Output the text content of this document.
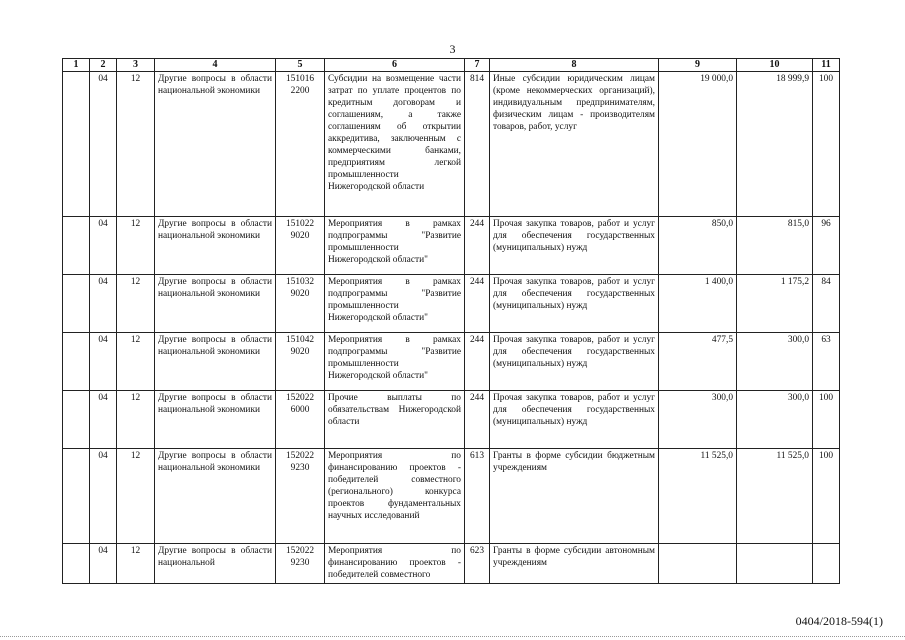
3
1	2	3	4	5	6	7	8	9	10	11
	04	12	Другие вопросы в области национальной экономики	151016 2200	Субсидии на возмещение части затрат по уплате процентов по кредитным договорам и соглашениям, а также соглашениям об открытии аккредитива, заключенным с коммерческими банками, предприятиям легкой промышленности Нижегородской области	814	Иные субсидии юридическим лицам (кроме некоммерческих организаций), индивидуальным предпринимателям, физическим лицам - производителям товаров, работ, услуг	19 000,0	18 999,9	100
	04	12	Другие вопросы в области национальной экономики	151022 9020	Мероприятия в рамках подпрограммы "Развитие промышленности Нижегородской области"	244	Прочая закупка товаров, работ и услуг для обеспечения государственных (муниципальных) нужд	850,0	815,0	96
	04	12	Другие вопросы в области национальной экономики	151032 9020	Мероприятия в рамках подпрограммы "Развитие промышленности Нижегородской области"	244	Прочая закупка товаров, работ и услуг для обеспечения государственных (муниципальных) нужд	1 400,0	1 175,2	84
	04	12	Другие вопросы в области национальной экономики	151042 9020	Мероприятия в рамках подпрограммы "Развитие промышленности Нижегородской области"	244	Прочая закупка товаров, работ и услуг для обеспечения государственных (муниципальных) нужд	477,5	300,0	63
	04	12	Другие вопросы в области национальной экономики	152022 6000	Прочие выплаты по обязательствам Нижегородской области	244	Прочая закупка товаров, работ и услуг для обеспечения государственных (муниципальных) нужд	300,0	300,0	100
	04	12	Другие вопросы в области национальной экономики	152022 9230	Мероприятия по финансированию проектов - победителей совместного (регионального) конкурса проектов фундаментальных научных исследований	613	Гранты в форме субсидии бюджетным учреждениям	11 525,0	11 525,0	100
	04	12	Другие вопросы в области национальной	152022 9230	Мероприятия по финансированию проектов - победителей совместного	623	Гранты в форме субсидии автономным учреждениям			
0404/2018-594(1)
